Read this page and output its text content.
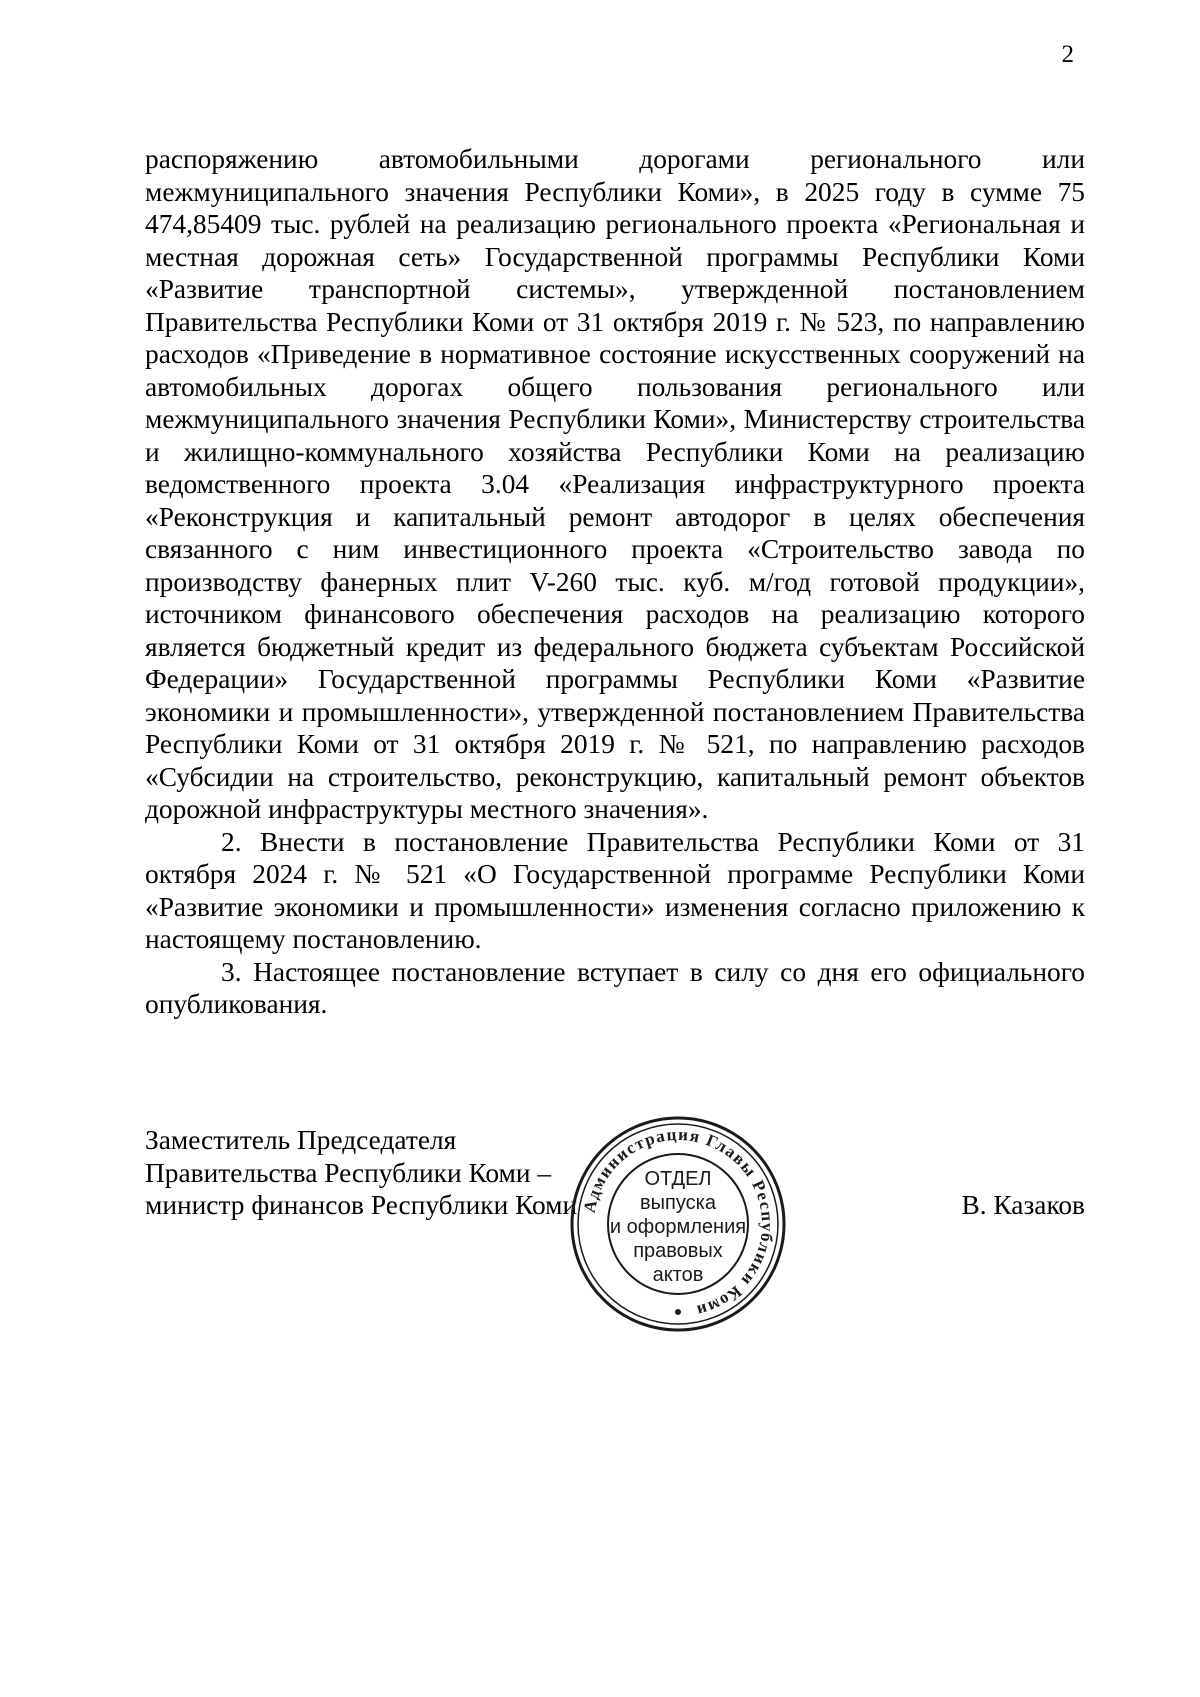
2

распоряжению автомобильными дорогами регионального или межмуниципального значения Республики Коми», в 2025 году в сумме 75 474,85409 тыс. рублей на реализацию регионального проекта «Региональная и местная дорожная сеть» Государственной программы Республики Коми «Развитие транспортной системы», утвержденной постановлением Правительства Республики Коми от 31 октября 2019 г. № 523, по направлению расходов «Приведение в нормативное состояние искусственных сооружений на автомобильных дорогах общего пользования регионального или межмуниципального значения Республики Коми», Министерству строительства и жилищно-коммунального хозяйства Республики Коми на реализацию ведомственного проекта 3.04 «Реализация инфраструктурного проекта «Реконструкция и капитальный ремонт автодорог в целях обеспечения связанного с ним инвестиционного проекта «Строительство завода по производству фанерных плит V-260 тыс. куб. м/год готовой продукции», источником финансового обеспечения расходов на реализацию которого является бюджетный кредит из федерального бюджета субъектам Российской Федерации» Государственной программы Республики Коми «Развитие экономики и промышленности», утвержденной постановлением Правительства Республики Коми от 31 октября 2019 г. № 521, по направлению расходов «Субсидии на строительство, реконструкцию, капитальный ремонт объектов дорожной инфраструктуры местного значения».

2. Внести в постановление Правительства Республики Коми от 31 октября 2024 г. № 521 «О Государственной программе Республики Коми «Развитие экономики и промышленности» изменения согласно приложению к настоящему постановлению.

3. Настоящее постановление вступает в силу со дня его официального опубликования.

Заместитель Председателя
Правительства Республики Коми –
министр финансов Республики Коми	В. Казаков
Администрация Главы Республики Коми
ОТДЕЛ
выпуска
и оформления
правовых
актов
